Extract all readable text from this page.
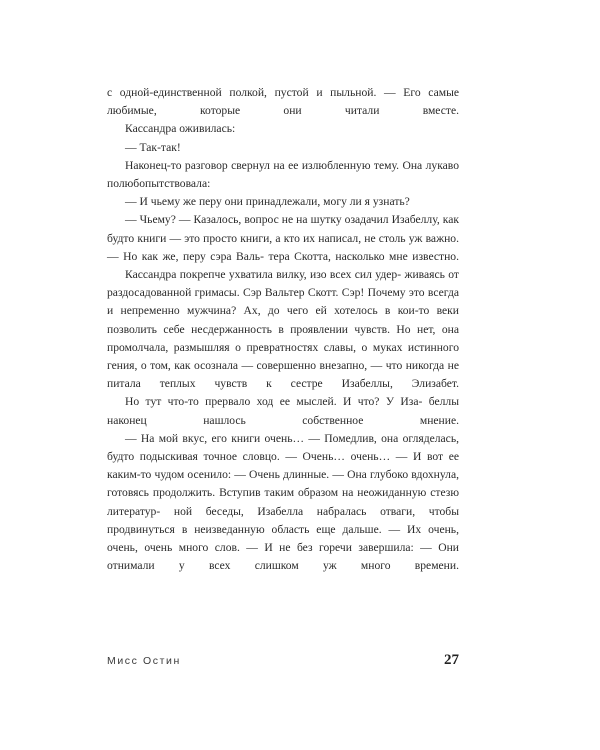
с одной-единственной полкой, пустой и пыльной. — Его самые любимые, которые они читали вместе.

Кассандра оживилась:

— Так-так!

Наконец-то разговор свернул на ее излюбленную тему. Она лукаво полюбопытствовала:

— И чьему же перу они принадлежали, могу ли я узнать?

— Чьему? — Казалось, вопрос не на шутку озадачил Изабеллу, как будто книги — это просто книги, а кто их написал, не столь уж важно. — Но как же, перу сэра Валь- тера Скотта, насколько мне известно.

Кассандра покрепче ухватила вилку, изо всех сил удер- живаясь от раздосадованной гримасы. Сэр Вальтер Скотт. Сэр! Почему это всегда и непременно мужчина? Ах, до чего ей хотелось в кои-то веки позволить себе несдержанность в проявлении чувств. Но нет, она промолчала, размышляя о превратностях славы, о муках истинного гения, о том, как осознала — совершенно внезапно, — что никогда не питала теплых чувств к сестре Изабеллы, Элизабет.

Но тут что-то прервало ход ее мыслей. И что? У Иза- беллы наконец нашлось собственное мнение.

— На мой вкус, его книги очень… — Помедлив, она огляделась, будто подыскивая точное словцо. — Очень… очень… — И вот ее каким-то чудом осенило: — Очень длинные. — Она глубоко вдохнула, готовясь продолжить. Вступив таким образом на неожиданную стезю литератур- ной беседы, Изабелла набралась отваги, чтобы продвинуться в неизведанную область еще дальше. — Их очень, очень, очень много слов. — И не без горечи завершила: — Они отнимали у всех слишком уж много времени.

Мисс Остин	27
